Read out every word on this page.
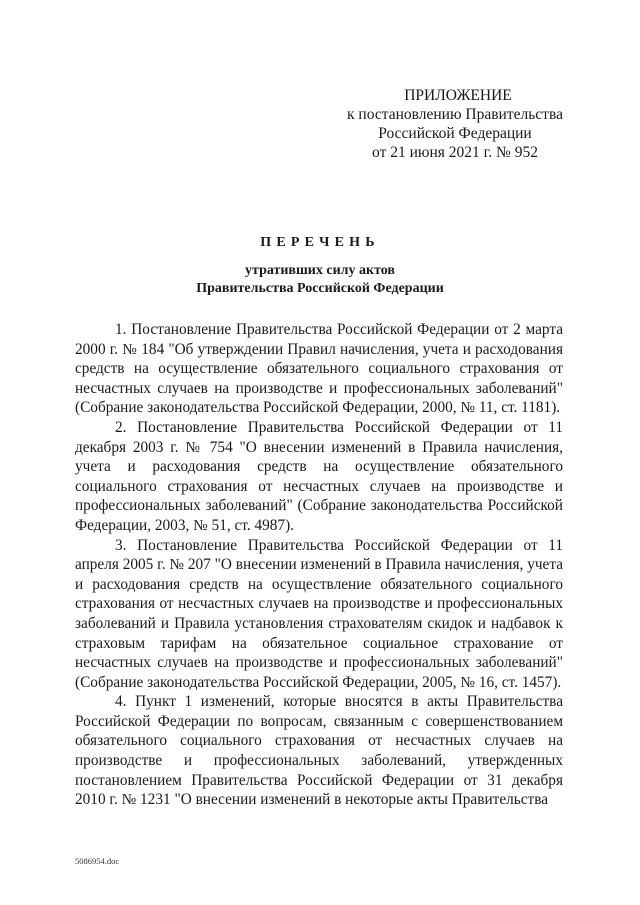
ПРИЛОЖЕНИЕ
к постановлению Правительства
Российской Федерации
от 21 июня 2021 г. № 952
ПЕРЕЧЕНЬ
утративших силу актов
Правительства Российской Федерации

1. Постановление Правительства Российской Федерации от 2 марта 2000 г. № 184 "Об утверждении Правил начисления, учета и расходования средств на осуществление обязательного социального страхования от несчастных случаев на производстве и профессиональных заболеваний" (Собрание законодательства Российской Федерации, 2000, № 11, ст. 1181).

2. Постановление Правительства Российской Федерации от 11 декабря 2003 г. № 754 "О внесении изменений в Правила начисления, учета и расходования средств на осуществление обязательного социального страхования от несчастных случаев на производстве и профессиональных заболеваний" (Собрание законодательства Российской Федерации, 2003, № 51, ст. 4987).

3. Постановление Правительства Российской Федерации от 11 апреля 2005 г. № 207 "О внесении изменений в Правила начисления, учета и расходования средств на осуществление обязательного социального страхования от несчастных случаев на производстве и профессиональных заболеваний и Правила установления страхователям скидок и надбавок к страховым тарифам на обязательное социальное страхование от несчастных случаев на производстве и профессиональных заболеваний" (Собрание законодательства Российской Федерации, 2005, № 16, ст. 1457).

4. Пункт 1 изменений, которые вносятся в акты Правительства Российской Федерации по вопросам, связанным с совершенствованием обязательного социального страхования от несчастных случаев на производстве и профессиональных заболеваний, утвержденных постановлением Правительства Российской Федерации от 31 декабря 2010 г. № 1231 "О внесении изменений в некоторые акты Правительства

5086954.doc
